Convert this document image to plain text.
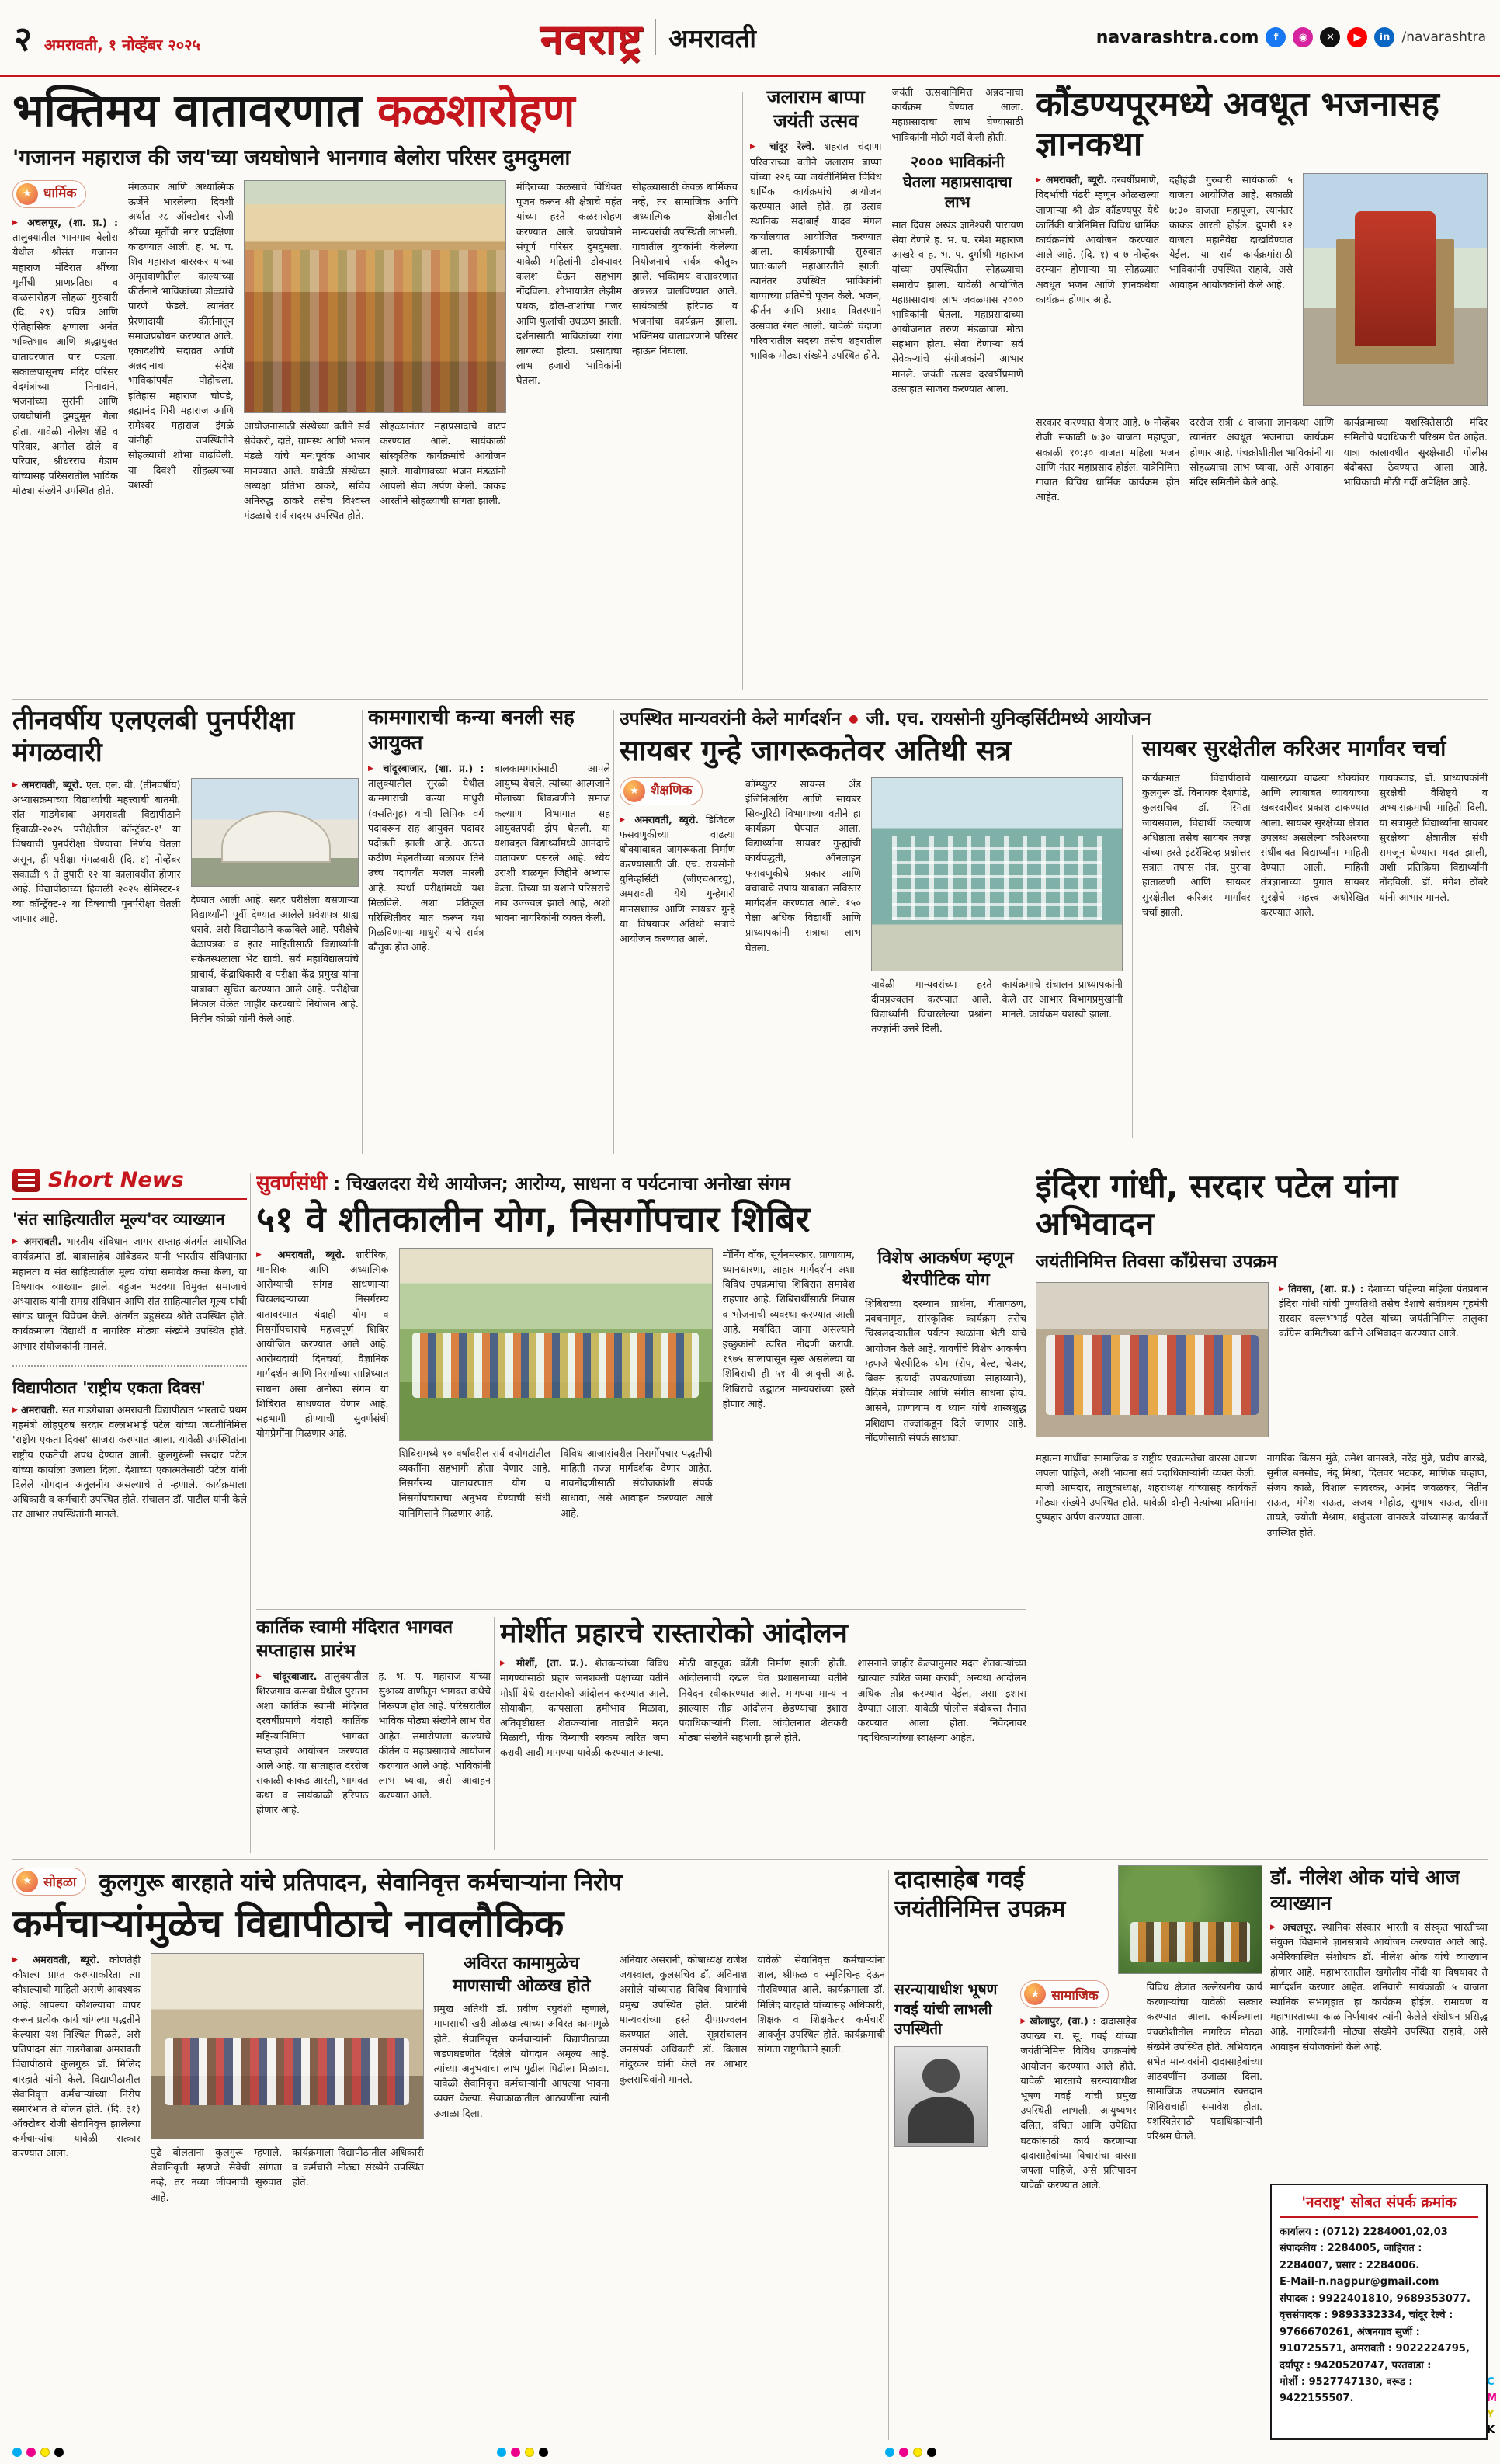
२ अमरावती, १ नोव्हेंबर २०२५	नवराष्ट्र अमरावती	navarashtra.com	f	◉	✕	▶	in /navarashtra
भक्तिमय वातावरणात कळशारोहण
'गजानन महाराज की जय'च्या जयघोषाने भानगाव बेलोरा परिसर दुमदुमला
★
धार्मिक

▶ अचलपूर, (शा. प्र.) : तालुक्यातील भानगाव बेलोरा येथील श्रीसंत गजानन महाराज मंदिरात श्रींच्या मूर्तीची प्राणप्रतिष्ठा व कळसारोहण सोहळा गुरुवारी (दि. २९) पवित्र आणि ऐतिहासिक क्षणाला अनंत भक्तिभाव आणि श्रद्धायुक्त वातावरणात पार पडला. सकाळपासूनच मंदिर परिसर वेदमंत्रांच्या निनादाने, भजनांच्या सुरांनी आणि जयघोषांनी दुमदुमून गेला होता. यावेळी नीलेश शेंडे व परिवार, अमोल ढोले व परिवार, श्रीधरराव गेडाम यांच्यासह परिसरातील भाविक मोठ्या संख्येने उपस्थित होते.

मंगळवार आणि अध्यात्मिक ऊर्जेने भारलेल्या दिवशी अर्थात २८ ऑक्टोबर रोजी श्रींच्या मूर्तीची नगर प्रदक्षिणा काढण्यात आली. ह. भ. प. शिव महाराज बारस्कर यांच्या अमृतवाणीतील काल्याच्या कीर्तनाने भाविकांच्या डोळ्यांचे पारणे फेडले. त्यानंतर प्रेरणादायी कीर्तनातून समाजप्रबोधन करण्यात आले. एकादशीचे सदाव्रत आणि अन्नदानाचा संदेश भाविकांपर्यंत पोहोचला. इतिहास महाराज चोपडे, ब्रह्मानंद गिरी महाराज आणि रामेश्वर महाराज इंगळे यांनीही उपस्थितीने सोहळ्याची शोभा वाढविली. या दिवशी सोहळ्याच्या यशस्वी
आयोजनासाठी संस्थेच्या वतीने सर्व सेवेकरी, दाते, ग्रामस्थ आणि भजन मंडळे यांचे मन:पूर्वक आभार मानण्यात आले. यावेळी संस्थेच्या अध्यक्षा प्रतिभा ठाकरे, सचिव अनिरुद्ध ठाकरे तसेच विश्वस्त मंडळाचे सर्व सदस्य उपस्थित होते.
सोहळ्यानंतर महाप्रसादाचे वाटप करण्यात आले. सायंकाळी सांस्कृतिक कार्यक्रमांचे आयोजन झाले. गावोगावच्या भजन मंडळांनी आपली सेवा अर्पण केली. काकड आरतीने सोहळ्याची सांगता झाली.
मंदिराच्या कळसाचे विधिवत पूजन करून श्री क्षेत्राचे महंत यांच्या हस्ते कळसारोहण करण्यात आले. जयघोषाने संपूर्ण परिसर दुमदुमला. यावेळी महिलांनी डोक्यावर कलश घेऊन सहभाग नोंदविला. शोभायात्रेत लेझीम पथक, ढोल-ताशांचा गजर आणि फुलांची उधळण झाली. दर्शनासाठी भाविकांच्या रांगा लागल्या होत्या. प्रसादाचा लाभ हजारो भाविकांनी घेतला.
सोहळ्यासाठी केवळ धार्मिकच नव्हे, तर सामाजिक आणि अध्यात्मिक क्षेत्रातील मान्यवरांची उपस्थिती लाभली. गावातील युवकांनी केलेल्या नियोजनाचे सर्वत्र कौतुक झाले. भक्तिमय वातावरणात अन्नछत्र चालविण्यात आले. सायंकाळी हरिपाठ व भजनांचा कार्यक्रम झाला. भक्तिमय वातावरणाने परिसर न्हाऊन निघाला.
जलाराम बाप्पा जयंती उत्सव

▶ चांदूर रेल्वे. शहरात चंदाणा परिवाराच्या वतीने जलाराम बाप्पा यांच्या २२६ व्या जयंतीनिमित्त विविध धार्मिक कार्यक्रमांचे आयोजन करण्यात आले होते. हा उत्सव स्थानिक सदाबाई यादव मंगल कार्यालयात आयोजित करण्यात आला. कार्यक्रमाची सुरुवात प्रात:काली महाआरतीने झाली. त्यानंतर उपस्थित भाविकांनी बाप्पाच्या प्रतिमेचे पूजन केले. भजन, कीर्तन आणि प्रसाद वितरणाने उत्सवात रंगत आली. यावेळी चंदाणा परिवारातील सदस्य तसेच शहरातील भाविक मोठ्या संख्येने उपस्थित होते.

जयंती उत्सवानिमित्त अन्नदानाचा कार्यक्रम घेण्यात आला. महाप्रसादाचा लाभ घेण्यासाठी भाविकांनी मोठी गर्दी केली होती.

२००० भाविकांनी घेतला महाप्रसादाचा लाभ

सात दिवस अखंड ज्ञानेश्वरी पारायण सेवा देणारे ह. भ. प. रमेश महाराज आखरे व ह. भ. प. दुर्गाश्री महाराज यांच्या उपस्थितीत सोहळ्याचा समारोप झाला. यावेळी आयोजित महाप्रसादाचा लाभ जवळपास २००० भाविकांनी घेतला. महाप्रसादाच्या आयोजनात तरुण मंडळाचा मोठा सहभाग होता. सेवा देणाऱ्या सर्व सेवेकऱ्यांचे संयोजकांनी आभार मानले. जयंती उत्सव दरवर्षीप्रमाणे उत्साहात साजरा करण्यात आला.

कौंडण्यपूरमध्ये अवधूत भजनासह ज्ञानकथा
▶ अमरावती, ब्यूरो. दरवर्षीप्रमाणे, विदर्भाची पंढरी म्हणून ओळखल्या जाणाऱ्या श्री क्षेत्र कौंडण्यपूर येथे कार्तिकी यात्रेनिमित्त विविध धार्मिक कार्यक्रमांचे आयोजन करण्यात आले आहे. (दि. १) व ७ नोव्हेंबर दरम्यान होणाऱ्या या सोहळ्यात अवधूत भजन आणि ज्ञानकथेचा कार्यक्रम होणार आहे.
दहीहंडी गुरुवारी सायंकाळी ५ वाजता आयोजित आहे. सकाळी ७:३० वाजता महापूजा, त्यानंतर काकड आरती होईल. दुपारी १२ वाजता महानैवेद्य दाखविण्यात येईल. या सर्व कार्यक्रमांसाठी भाविकांनी उपस्थित राहावे, असे आवाहन आयोजकांनी केले आहे.
सरकार करण्यात येणार आहे. ७ नोव्हेंबर रोजी सकाळी ७:३० वाजता महापूजा, सकाळी १०:३० वाजता महिला भजन आणि नंतर महाप्रसाद होईल. यात्रेनिमित्त गावात विविध धार्मिक कार्यक्रम होत आहेत.
दररोज रात्री ८ वाजता ज्ञानकथा आणि त्यानंतर अवधूत भजनाचा कार्यक्रम होणार आहे. पंचक्रोशीतील भाविकांनी या सोहळ्याचा लाभ घ्यावा, असे आवाहन मंदिर समितीने केले आहे.
कार्यक्रमाच्या यशस्वितेसाठी मंदिर समितीचे पदाधिकारी परिश्रम घेत आहेत. यात्रा कालावधीत सुरक्षेसाठी पोलीस बंदोबस्त ठेवण्यात आला आहे. भाविकांची मोठी गर्दी अपेक्षित आहे.
तीनवर्षीय एलएलबी पुनर्परीक्षा मंगळवारी
▶ अमरावती, ब्यूरो. एल. एल. बी. (तीनवर्षीय) अभ्यासक्रमाच्या विद्यार्थ्यांची महत्त्वाची बातमी. संत गाडगेबाबा अमरावती विद्यापीठाने हिवाळी-२०२५ परीक्षेतील 'कॉन्ट्रॅक्ट-१' या विषयाची पुनर्परीक्षा घेण्याचा निर्णय घेतला असून, ही परीक्षा मंगळवारी (दि. ४) नोव्हेंबर सकाळी ९ ते दुपारी १२ या कालावधीत होणार आहे. विद्यापीठाच्या हिवाळी २०२५ सेमिस्टर-१ व्या कॉन्ट्रॅक्ट-२ या विषयाची पुनर्परीक्षा घेतली जाणार आहे.

देण्यात आली आहे. सदर परीक्षेला बसणाऱ्या विद्यार्थ्यांनी पूर्वी देण्यात आलेले प्रवेशपत्र ग्राह्य धरावे, असे विद्यापीठाने कळविले आहे. परीक्षेचे वेळापत्रक व इतर माहितीसाठी विद्यार्थ्यांनी संकेतस्थळाला भेट द्यावी. सर्व महाविद्यालयांचे प्राचार्य, केंद्राधिकारी व परीक्षा केंद्र प्रमुख यांना याबाबत सूचित करण्यात आले आहे. परीक्षेचा निकाल वेळेत जाहीर करण्याचे नियोजन आहे. नितीन कोळी यांनी केले आहे.

कामगाराची कन्या बनली सह आयुक्त
▶ चांदूरबाजार, (शा. प्र.) : तालुक्यातील सुरळी येथील कामगाराची कन्या माधुरी (वसतिगृह) यांची लिपिक वर्ग पदावरून सह आयुक्त पदावर पदोन्नती झाली आहे. अत्यंत कठीण मेहनतीच्या बळावर तिने उच्च पदापर्यंत मजल मारली आहे. स्पर्धा परीक्षांमध्ये यश मिळविले. अशा प्रतिकूल परिस्थितीवर मात करून यश मिळविणाऱ्या माधुरी यांचे सर्वत्र कौतुक होत आहे.
बालकामगारांसाठी आपले आयुष्य वेचले. त्यांच्या आत्मजाने मोलाच्या शिकवणीने समाज कल्याण विभागात सह आयुक्तपदी झेप घेतली. या यशाबद्दल विद्यार्थ्यांमध्ये आनंदाचे वातावरण पसरले आहे. ध्येय उराशी बाळगून जिद्दीने अभ्यास केला. तिच्या या यशाने परिसराचे नाव उज्ज्वल झाले आहे, अशी भावना नागरिकांनी व्यक्त केली.
उपस्थित मान्यवरांनी केले मार्गदर्शन ● जी. एच. रायसोनी युनिव्हर्सिटीमध्ये आयोजन
सायबर गुन्हे जागरूकतेवर अतिथी सत्र
★
शैक्षणिक

▶ अमरावती, ब्यूरो. डिजिटल फसवणुकीच्या वाढत्या धोक्याबाबत जागरूकता निर्माण करण्यासाठी जी. एच. रायसोनी युनिव्हर्सिटी (जीएचआरयू), अमरावती येथे गुन्हेगारी मानसशास्त्र आणि सायबर गुन्हे या विषयावर अतिथी सत्राचे आयोजन करण्यात आले.

कॉम्प्युटर सायन्स अँड इंजिनिअरिंग आणि सायबर सिक्युरिटी विभागाच्या वतीने हा कार्यक्रम घेण्यात आला. विद्यार्थ्यांना सायबर गुन्ह्यांची कार्यपद्धती, ऑनलाइन फसवणुकीचे प्रकार आणि बचावाचे उपाय याबाबत सविस्तर मार्गदर्शन करण्यात आले. १५० पेक्षा अधिक विद्यार्थी आणि प्राध्यापकांनी सत्राचा लाभ घेतला.
यावेळी मान्यवरांच्या हस्ते दीपप्रज्वलन करण्यात आले. विद्यार्थ्यांनी विचारलेल्या प्रश्नांना तज्ज्ञांनी उत्तरे दिली.
कार्यक्रमाचे संचालन प्राध्यापकांनी केले तर आभार विभागप्रमुखांनी मानले. कार्यक्रम यशस्वी झाला.
सायबर सुरक्षेतील करिअर मार्गांवर चर्चा
कार्यक्रमात विद्यापीठाचे कुलगुरू डॉ. विनायक देशपांडे, कुलसचिव डॉ. स्मिता जायसवाल, विद्यार्थी कल्याण अधिष्ठाता तसेच सायबर तज्ज्ञ यांच्या हस्ते इंटरॅक्टिव्ह प्रश्नोत्तर सत्रात तपास तंत्र, पुरावा हाताळणी आणि सायबर सुरक्षेतील करिअर मार्गांवर चर्चा झाली.
यासारख्या वाढत्या धोक्यांवर आणि त्याबाबत घ्यावयाच्या खबरदारीवर प्रकाश टाकण्यात आला. सायबर सुरक्षेच्या क्षेत्रात उपलब्ध असलेल्या करिअरच्या संधींबाबत विद्यार्थ्यांना माहिती देण्यात आली. माहिती तंत्रज्ञानाच्या युगात सायबर सुरक्षेचे महत्त्व अधोरेखित करण्यात आले.
गायकवाड, डॉ. प्राध्यापकांनी सुरक्षेची वैशिष्ट्ये व अभ्यासक्रमाची माहिती दिली. या सत्रामुळे विद्यार्थ्यांना सायबर सुरक्षेच्या क्षेत्रातील संधी समजून घेण्यास मदत झाली, अशी प्रतिक्रिया विद्यार्थ्यांनी नोंदविली. डॉ. मंगेश ठोंबरे यांनी आभार मानले.
Short News
'संत साहित्यातील मूल्य'वर व्याख्यान

▶ अमरावती. भारतीय संविधान जागर सप्ताहाअंतर्गत आयोजित कार्यक्रमांत डॉ. बाबासाहेब आंबेडकर यांनी भारतीय संविधानात महानता व संत साहित्यातील मूल्य यांचा समावेश कसा केला, या विषयावर व्याख्यान झाले. बहुजन भटक्या विमुक्त समाजाचे अभ्यासक यांनी समग्र संविधान आणि संत साहित्यातील मूल्य यांची सांगड घालून विवेचन केले. अंतर्गत बहुसंख्य श्रोते उपस्थित होते. कार्यक्रमाला विद्यार्थी व नागरिक मोठ्या संख्येने उपस्थित होते. आभार संयोजकांनी मानले.

विद्यापीठात 'राष्ट्रीय एकता दिवस'

▶ अमरावती. संत गाडगेबाबा अमरावती विद्यापीठात भारताचे प्रथम गृहमंत्री लोहपुरुष सरदार वल्लभभाई पटेल यांच्या जयंतीनिमित्त 'राष्ट्रीय एकता दिवस' साजरा करण्यात आला. यावेळी उपस्थितांना राष्ट्रीय एकतेची शपथ देण्यात आली. कुलगुरूंनी सरदार पटेल यांच्या कार्याला उजाळा दिला. देशाच्या एकात्मतेसाठी पटेल यांनी दिलेले योगदान अतुलनीय असल्याचे ते म्हणाले. कार्यक्रमाला अधिकारी व कर्मचारी उपस्थित होते. संचालन डॉ. पाटील यांनी केले तर आभार उपस्थितांनी मानले.

सुवर्णसंधी : चिखलदरा येथे आयोजन; आरोग्य, साधना व पर्यटनाचा अनोखा संगम
५१ वे शीतकालीन योग, निसर्गोपचार शिबिर
▶ अमरावती, ब्यूरो. शारीरिक, मानसिक आणि अध्यात्मिक आरोग्याची सांगड साधणाऱ्या चिखलदऱ्याच्या निसर्गरम्य वातावरणात यंदाही योग व निसर्गोपचाराचे महत्त्वपूर्ण शिबिर आयोजित करण्यात आले आहे. आरोग्यदायी दिनचर्या, वैज्ञानिक मार्गदर्शन आणि निसर्गाच्या सान्निध्यात साधना असा अनोखा संगम या शिबिरात साधण्यात येणार आहे. सहभागी होण्याची सुवर्णसंधी योगप्रेमींना मिळणार आहे.
शिबिरामध्ये १० वर्षांवरील सर्व वयोगटांतील व्यक्तींना सहभागी होता येणार आहे. निसर्गरम्य वातावरणात योग व निसर्गोपचाराचा अनुभव घेण्याची संधी यानिमित्ताने मिळणार आहे.
विविध आजारांवरील निसर्गोपचार पद्धतींची माहिती तज्ज्ञ मार्गदर्शक देणार आहेत. नावनोंदणीसाठी संयोजकांशी संपर्क साधावा, असे आवाहन करण्यात आले आहे.
मॉर्निंग वॉक, सूर्यनमस्कार, प्राणायाम, ध्यानधारणा, आहार मार्गदर्शन अशा विविध उपक्रमांचा शिबिरात समावेश राहणार आहे. शिबिरार्थींसाठी निवास व भोजनाची व्यवस्था करण्यात आली आहे. मर्यादित जागा असल्याने इच्छुकांनी त्वरित नोंदणी करावी. १९७५ सालापासून सुरू असलेल्या या शिबिराची ही ५१ वी आवृत्ती आहे. शिबिराचे उद्घाटन मान्यवरांच्या हस्ते होणार आहे.
विशेष आकर्षण म्हणून थेरपीटिक योग

शिबिराच्या दरम्यान प्रार्थना, गीतापठण, प्रवचनामृत, सांस्कृतिक कार्यक्रम तसेच चिखलदऱ्यातील पर्यटन स्थळांना भेटी यांचे आयोजन केले आहे. यावर्षीचे विशेष आकर्षण म्हणजे थेरपीटिक योग (रोप, बेल्ट, चेअर, ब्रिक्स इत्यादी उपकरणांच्या साहाय्याने), वैदिक मंत्रोच्चार आणि संगीत साधना होय. आसने, प्राणायाम व ध्यान यांचे शास्त्रशुद्ध प्रशिक्षण तज्ज्ञांकडून दिले जाणार आहे. नोंदणीसाठी संपर्क साधावा.

इंदिरा गांधी, सरदार पटेल यांना अभिवादन
जयंतीनिमित्त तिवसा काँग्रेसचा उपक्रम
▶ तिवसा, (शा. प्र.) : देशाच्या पहिल्या महिला पंतप्रधान इंदिरा गांधी यांची पुण्यतिथी तसेच देशाचे सर्वप्रथम गृहमंत्री सरदार वल्लभभाई पटेल यांच्या जयंतीनिमित्त तालुका काँग्रेस कमिटीच्या वतीने अभिवादन करण्यात आले.
महात्मा गांधींचा सामाजिक व राष्ट्रीय एकात्मतेचा वारसा आपण जपला पाहिजे, अशी भावना सर्व पदाधिकाऱ्यांनी व्यक्त केली. माजी आमदार, तालुकाध्यक्ष, शहराध्यक्ष यांच्यासह कार्यकर्ते मोठ्या संख्येने उपस्थित होते. यावेळी दोन्ही नेत्यांच्या प्रतिमांना पुष्पहार अर्पण करण्यात आला.
नागरिक किसन मुंढे, उमेश वानखडे, नरेंद्र मुंढे, प्रदीप बारब्दे, सुनील बनसोड, नंदू मिश्रा, दिलवर भटकर, माणिक चव्हाण, संजय काळे, विशाल सावरकर, आनंद जवळकर, नितीन राऊत, मंगेश राऊत, अजय मोहोड, सुभाष राऊत, सीमा तायडे, ज्योती मेश्राम, शकुंतला वानखडे यांच्यासह कार्यकर्ते उपस्थित होते.
कार्तिक स्वामी मंदिरात भागवत सप्ताहास प्रारंभ
▶ चांदूरबाजार. तालुक्यातील शिरजगाव कसबा येथील पुरातन अशा कार्तिक स्वामी मंदिरात दरवर्षीप्रमाणे यंदाही कार्तिक महिन्यानिमित्त भागवत सप्ताहाचे आयोजन करण्यात आले आहे. या सप्ताहात दररोज सकाळी काकड आरती, भागवत कथा व सायंकाळी हरिपाठ होणार आहे.
ह. भ. प. महाराज यांच्या सुश्राव्य वाणीतून भागवत कथेचे निरूपण होत आहे. परिसरातील भाविक मोठ्या संख्येने लाभ घेत आहेत. समारोपाला काल्याचे कीर्तन व महाप्रसादाचे आयोजन करण्यात आले आहे. भाविकांनी लाभ घ्यावा, असे आवाहन करण्यात आले.
मोर्शीत प्रहारचे रास्तारोको आंदोलन
▶ मोर्शी, (ता. प्र.). शेतकऱ्यांच्या विविध मागण्यांसाठी प्रहार जनशक्ती पक्षाच्या वतीने मोर्शी येथे रास्तारोको आंदोलन करण्यात आले. सोयाबीन, कापसाला हमीभाव मिळावा, अतिवृष्टीग्रस्त शेतकऱ्यांना तातडीने मदत मिळावी, पीक विम्याची रक्कम त्वरित जमा करावी आदी मागण्या यावेळी करण्यात आल्या.
मोठी वाहतूक कोंडी निर्माण झाली होती. आंदोलनाची दखल घेत प्रशासनाच्या वतीने निवेदन स्वीकारण्यात आले. मागण्या मान्य न झाल्यास तीव्र आंदोलन छेडण्याचा इशारा पदाधिकाऱ्यांनी दिला. आंदोलनात शेतकरी मोठ्या संख्येने सहभागी झाले होते.
शासनाने जाहीर केल्यानुसार मदत शेतकऱ्यांच्या खात्यात त्वरित जमा करावी, अन्यथा आंदोलन अधिक तीव्र करण्यात येईल, असा इशारा देण्यात आला. यावेळी पोलीस बंदोबस्त तैनात करण्यात आला होता. निवेदनावर पदाधिकाऱ्यांच्या स्वाक्षऱ्या आहेत.
★
सोहळा कुलगुरू बारहाते यांचे प्रतिपादन, सेवानिवृत्त कर्मचाऱ्यांना निरोप
कर्मचाऱ्यांमुळेच विद्यापीठाचे नावलौकिक
▶ अमरावती, ब्यूरो. कोणतेही कौशल्य प्राप्त करण्याकरिता त्या कौशल्याची माहिती असणे आवश्यक आहे. आपल्या कौशल्याचा वापर करून प्रत्येक कार्य चांगल्या पद्धतीने केल्यास यश निश्चित मिळते, असे प्रतिपादन संत गाडगेबाबा अमरावती विद्यापीठाचे कुलगुरू डॉ. मिलिंद बारहाते यांनी केले. विद्यापीठातील सेवानिवृत्त कर्मचाऱ्यांच्या निरोप समारंभात ते बोलत होते. (दि. ३१) ऑक्टोबर रोजी सेवानिवृत्त झालेल्या कर्मचाऱ्यांचा यावेळी सत्कार करण्यात आला.	पुढे बोलताना कुलगुरू म्हणाले, सेवानिवृत्ती म्हणजे सेवेची सांगता नव्हे, तर नव्या जीवनाची सुरुवात आहे.
कार्यक्रमाला विद्यापीठातील अधिकारी व कर्मचारी मोठ्या संख्येने उपस्थित होते.
अविरत कामामुळेच माणसाची ओळख होते

प्रमुख अतिथी डॉ. प्रवीण रघुवंशी म्हणाले, माणसाची खरी ओळख त्याच्या अविरत कामामुळे होते. सेवानिवृत्त कर्मचाऱ्यांनी विद्यापीठाच्या जडणघडणीत दिलेले योगदान अमूल्य आहे. त्यांच्या अनुभवाचा लाभ पुढील पिढीला मिळावा. यावेळी सेवानिवृत्त कर्मचाऱ्यांनी आपल्या भावना व्यक्त केल्या. सेवाकाळातील आठवणींना त्यांनी उजाळा दिला.

अनिवार असरानी, कोषाध्यक्ष राजेश जयस्वाल, कुलसचिव डॉ. अविनाश असोले यांच्यासह विविध विभागांचे प्रमुख उपस्थित होते. प्रारंभी मान्यवरांच्या हस्ते दीपप्रज्वलन करण्यात आले. सूत्रसंचालन जनसंपर्क अधिकारी डॉ. विलास नांदुरकर यांनी केले तर आभार कुलसचिवांनी मानले.
यावेळी सेवानिवृत्त कर्मचाऱ्यांना शाल, श्रीफळ व स्मृतिचिन्ह देऊन गौरविण्यात आले. कार्यक्रमाला डॉ. मिलिंद बारहाते यांच्यासह अधिकारी, शिक्षक व शिक्षकेतर कर्मचारी आवर्जून उपस्थित होते. कार्यक्रमाची सांगता राष्ट्रगीताने झाली.
दादासाहेब गवई जयंतीनिमित्त उपक्रम
सरन्यायाधीश भूषण गवई यांची लाभली उपस्थिती
★
सामाजिक

▶ खोलापुर, (वा.) : दादासाहेब उपाख्य रा. सू. गवई यांच्या जयंतीनिमित्त विविध उपक्रमांचे आयोजन करण्यात आले होते. यावेळी भारताचे सरन्यायाधीश भूषण गवई यांची प्रमुख उपस्थिती लाभली. आयुष्यभर दलित, वंचित आणि उपेक्षित घटकांसाठी कार्य करणाऱ्या दादासाहेबांच्या विचारांचा वारसा जपला पाहिजे, असे प्रतिपादन यावेळी करण्यात आले.

विविध क्षेत्रांत उल्लेखनीय कार्य करणाऱ्यांचा यावेळी सत्कार करण्यात आला. कार्यक्रमाला पंचक्रोशीतील नागरिक मोठ्या संख्येने उपस्थित होते. अभिवादन सभेत मान्यवरांनी दादासाहेबांच्या आठवणींना उजाळा दिला. सामाजिक उपक्रमांत रक्तदान शिबिराचाही समावेश होता. यशस्वितेसाठी पदाधिकाऱ्यांनी परिश्रम घेतले.
डॉ. नीलेश ओक यांचे आज व्याख्यान

▶ अचलपूर. स्थानिक संस्कार भारती व संस्कृत भारतीच्या संयुक्त विद्यमाने ज्ञानसत्राचे आयोजन करण्यात आले आहे. अमेरिकास्थित संशोधक डॉ. नीलेश ओक यांचे व्याख्यान होणार आहे. महाभारतातील खगोलीय नोंदी या विषयावर ते मार्गदर्शन करणार आहेत. शनिवारी सायंकाळी ५ वाजता स्थानिक सभागृहात हा कार्यक्रम होईल. रामायण व महाभारताच्या काळ-निर्णयावर त्यांनी केलेले संशोधन प्रसिद्ध आहे. नागरिकांनी मोठ्या संख्येने उपस्थित राहावे, असे आवाहन संयोजकांनी केले आहे.

'नवराष्ट्र' सोबत संपर्क क्रमांक
कार्यालय : (0712) 2284001,02,03
संपादकीय : 2284005, जाहिरात :
2284007, प्रसार : 2284006.
E-Mail-n.nagpur@gmail.com
संपादक : 9922401810, 9689353077.
वृत्तसंपादक : 9893332334, चांदूर रेल्वे :
9766670261, अंजनगाव सुर्जी :
910725571, अमरावती : 9022224795,
दर्यापूर : 9420520747, परतवाडा :
मोर्शी : 9527747130, वरूड : 9422155507.
C
M
Y
K
